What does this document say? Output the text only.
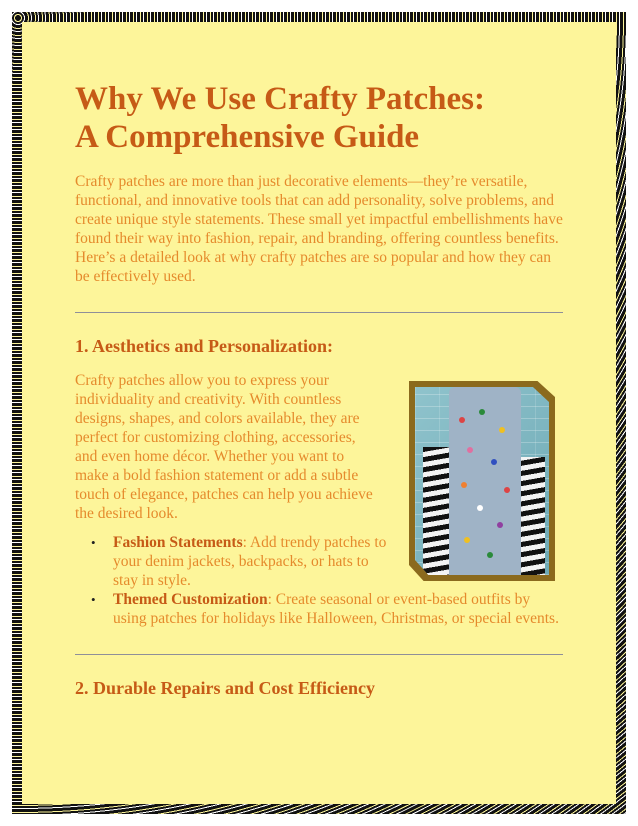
Why We Use Crafty Patches:
A Comprehensive Guide

Crafty patches are more than just decorative elements—they’re versatile, functional, and innovative tools that can add personality, solve problems, and create unique style statements. These small yet impactful embellishments have found their way into fashion, repair, and branding, offering countless benefits. Here’s a detailed look at why crafty patches are so popular and how they can be effectively used.

1. Aesthetics and Personalization:

Crafty patches allow you to express your individuality and creativity. With countless designs, shapes, and colors available, they are perfect for customizing clothing, accessories, and even home décor. Whether you want to make a bold fashion statement or add a subtle touch of elegance, patches can help you achieve the desired look.

• Fashion Statements: Add trendy patches to your denim jackets, backpacks, or hats to stay in style.
• Themed Customization: Create seasonal or event-based outfits by using patches for holidays like Halloween, Christmas, or special events.
2. Durable Repairs and Cost Efficiency
